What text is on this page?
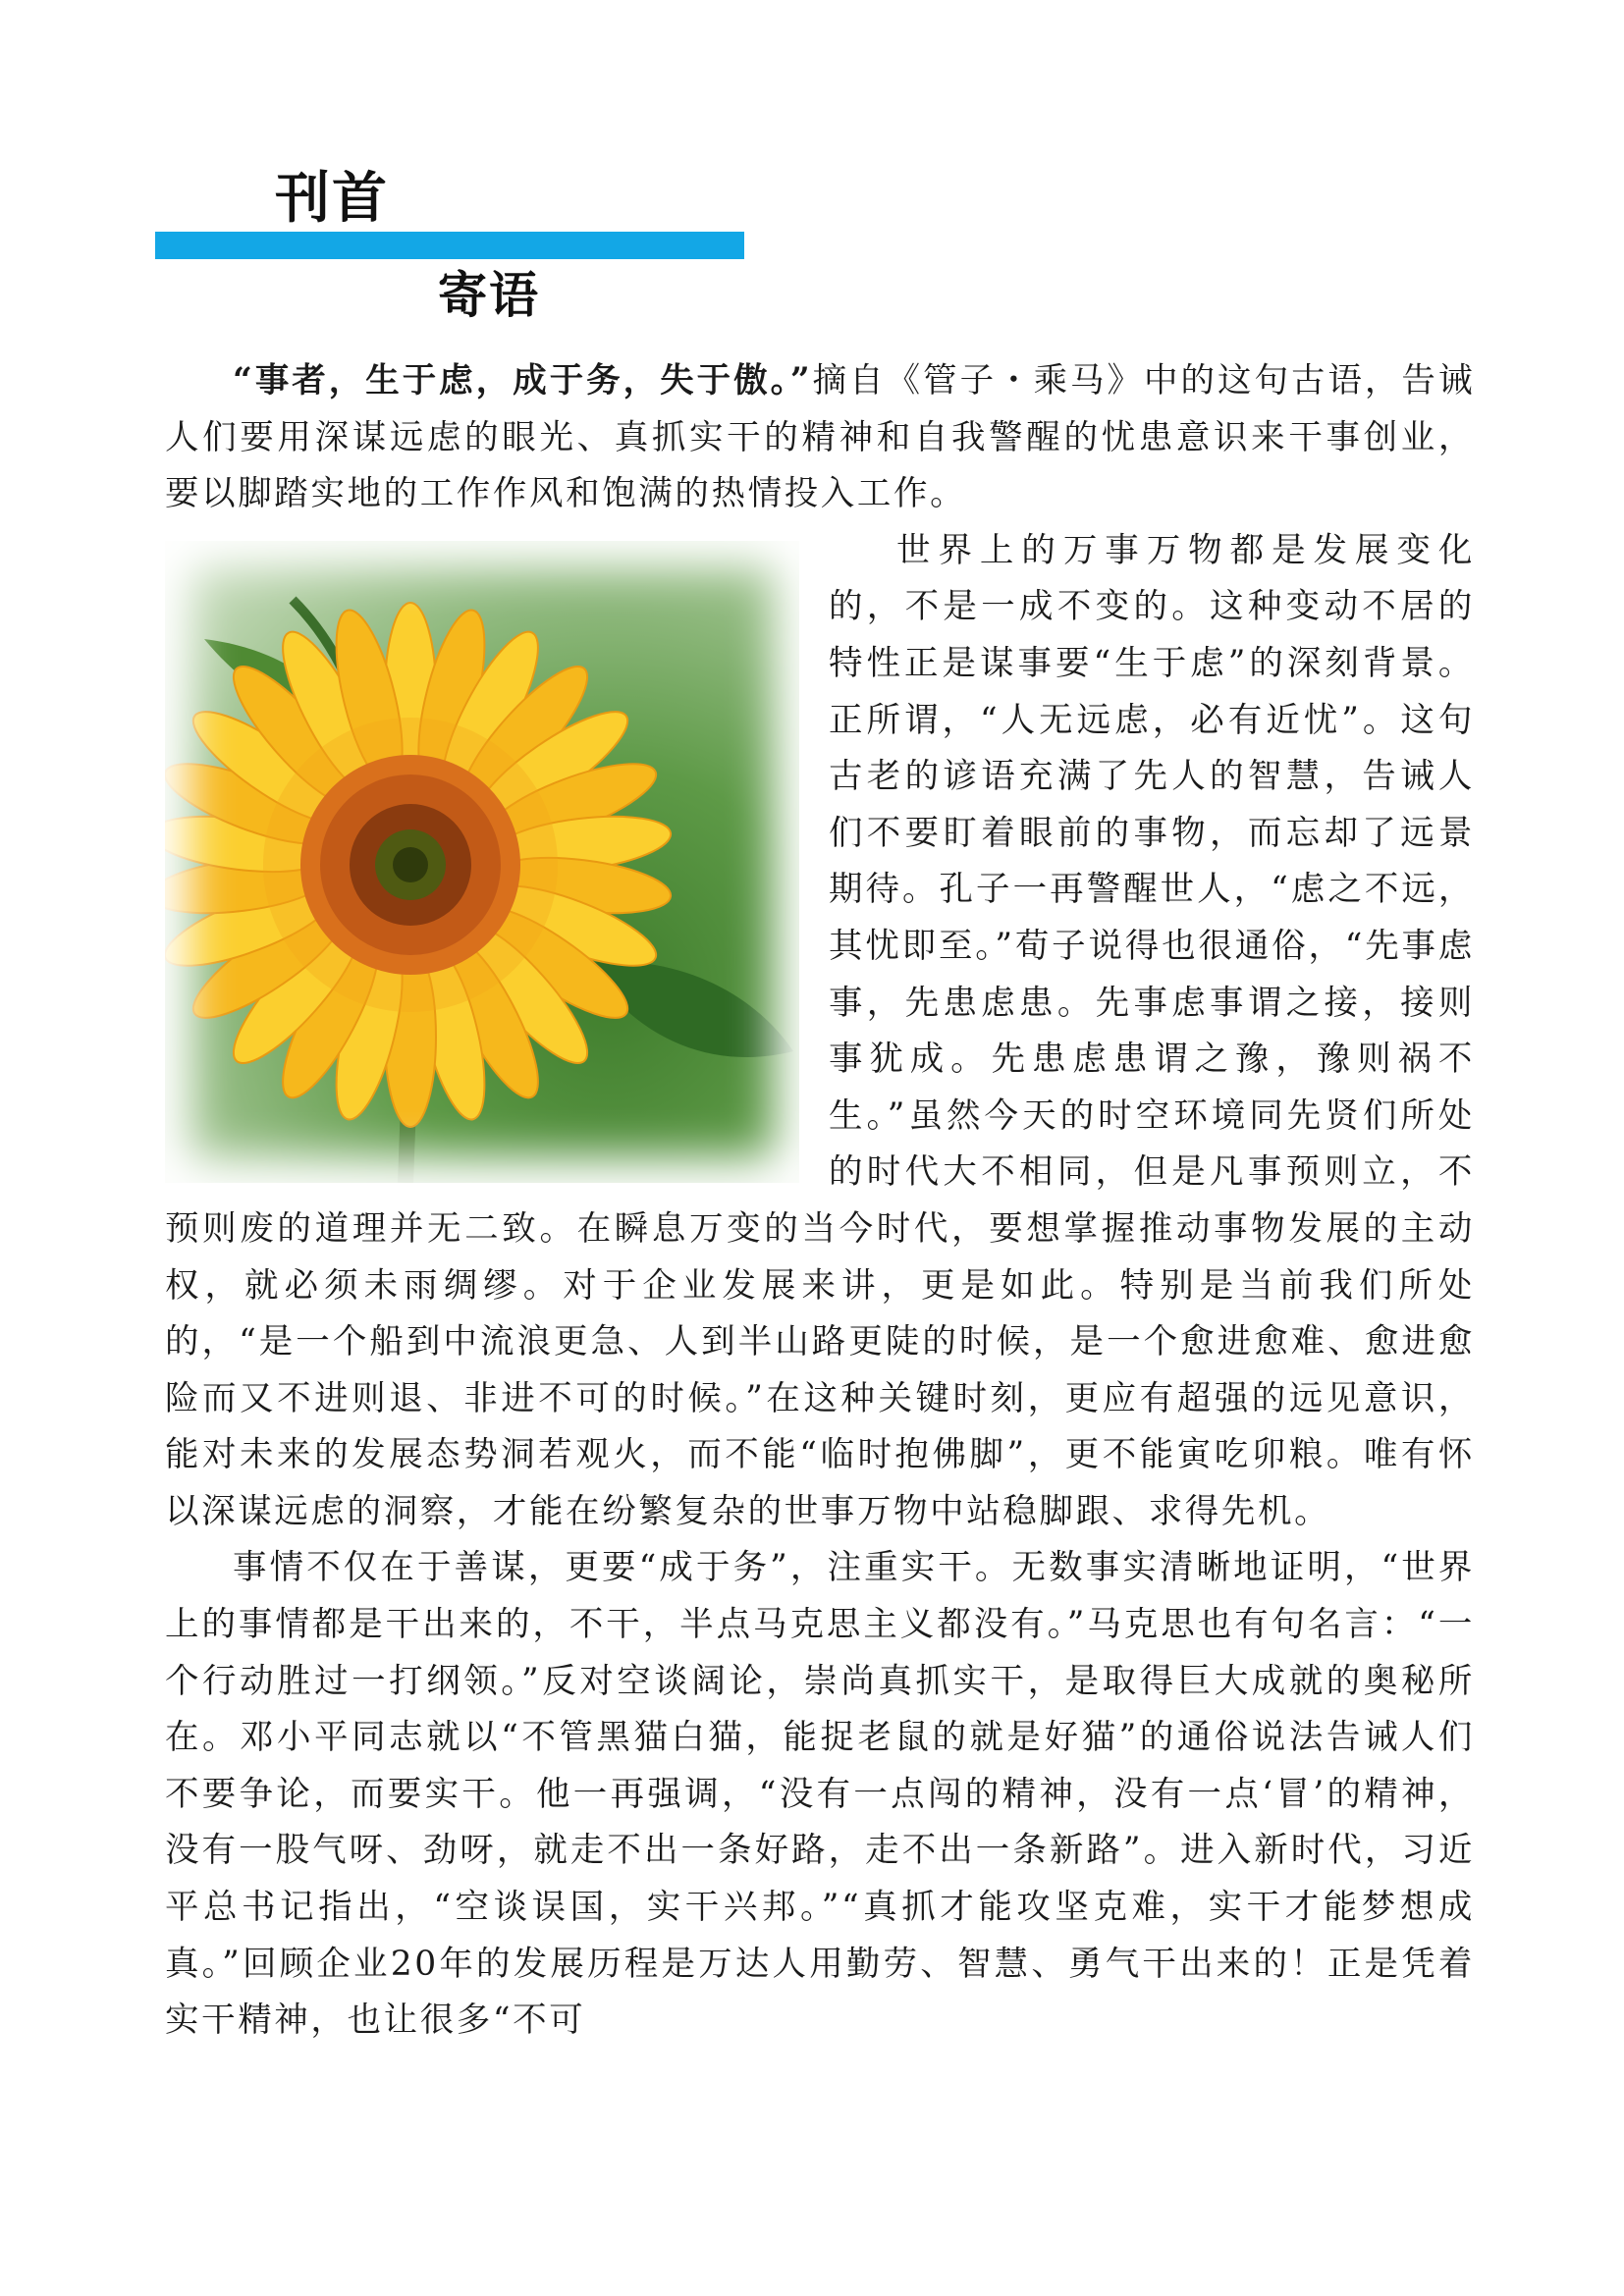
刊首
寄语

“事者，生于虑，成于务，失于傲。”摘自《管子・乘马》中的这句古语，告诫人们要用深谋远虑的眼光、真抓实干的精神和自我警醒的忧患意识来干事创业，要以脚踏实地的工作作风和饱满的热情投入工作。

世界上的万事万物都是发展变化的，不是一成不变的。这种变动不居的特性正是谋事要“生于虑”的深刻背景。正所谓，“人无远虑，必有近忧”。这句古老的谚语充满了先人的智慧，告诫人们不要盯着眼前的事物，而忘却了远景期待。孔子一再警醒世人，“虑之不远，其忧即至。”荀子说得也很通俗，“先事虑事，先患虑患。先事虑事谓之接，接则事犹成。先患虑患谓之豫，豫则祸不生。”虽然今天的时空环境同先贤们所处的时代大不相同，但是凡事预则立，不预则废的道理并无二致。在瞬息万变的当今时代，要想掌握推动事物发展的主动权，就必须未雨绸缪。对于企业发展来讲，更是如此。特别是当前我们所处的，“是一个船到中流浪更急、人到半山路更陡的时候，是一个愈进愈难、愈进愈险而又不进则退、非进不可的时候。”在这种关键时刻，更应有超强的远见意识，能对未来的发展态势洞若观火，而不能“临时抱佛脚”，更不能寅吃卯粮。唯有怀以深谋远虑的洞察，才能在纷繁复杂的世事万物中站稳脚跟、求得先机。

事情不仅在于善谋，更要“成于务”，注重实干。无数事实清晰地证明，“世界上的事情都是干出来的，不干，半点马克思主义都没有。”马克思也有句名言：“一个行动胜过一打纲领。”反对空谈阔论，崇尚真抓实干，是取得巨大成就的奥秘所在。邓小平同志就以“不管黑猫白猫，能捉老鼠的就是好猫”的通俗说法告诫人们不要争论，而要实干。他一再强调，“没有一点闯的精神，没有一点‘冒’的精神，没有一股气呀、劲呀，就走不出一条好路，走不出一条新路”。进入新时代，习近平总书记指出，“空谈误国，实干兴邦。”“真抓才能攻坚克难，实干才能梦想成真。”回顾企业20年的发展历程是万达人用勤劳、智慧、勇气干出来的！正是凭着实干精神，也让很多“不可
